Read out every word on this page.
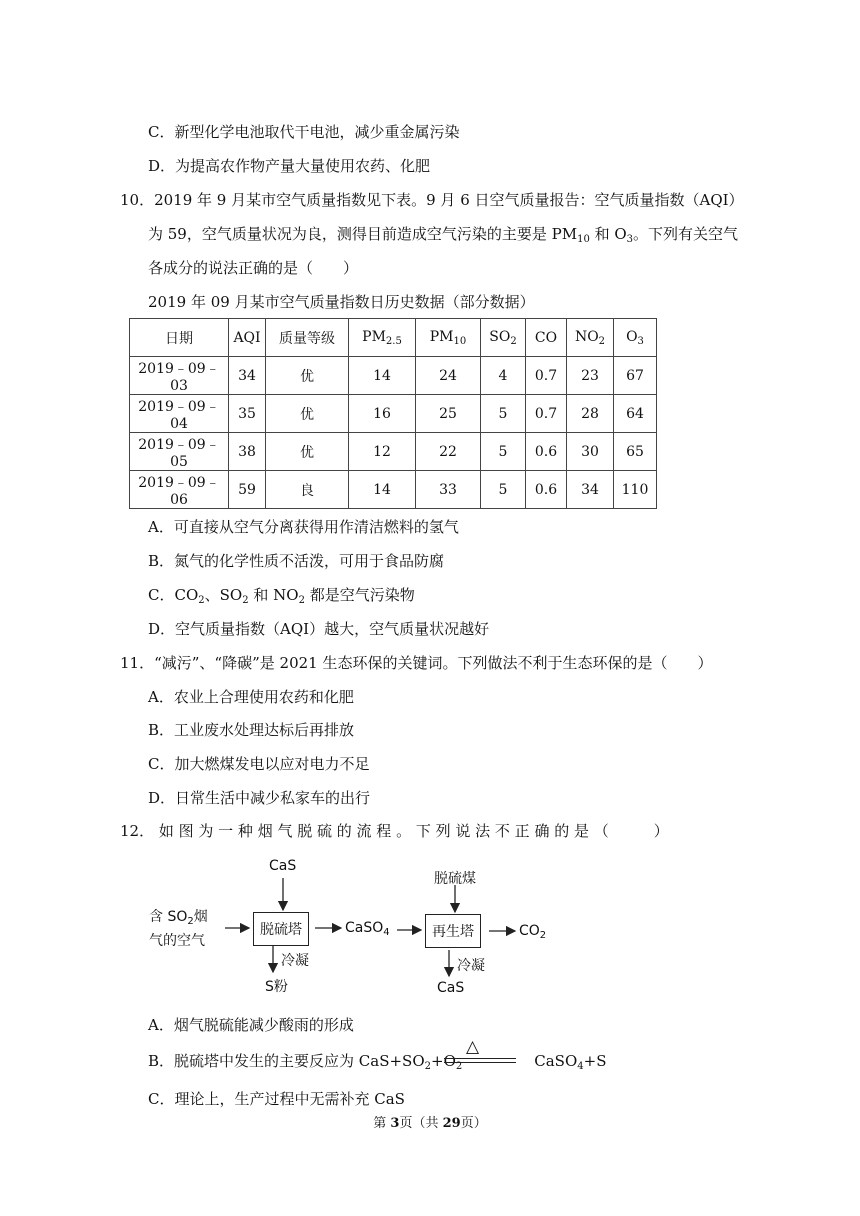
C．新型化学电池取代干电池，减少重金属污染
D．为提高农作物产量大量使用农药、化肥
10．2019 年 9 月某市空气质量指数见下表。9 月 6 日空气质量报告：空气质量指数（AQI）
为 59，空气质量状况为良，测得目前造成空气污染的主要是 $PM_{10}$ 和 $O_3$。下列有关空气
各成分的说法正确的是（　　）
2019 年 09 月某市空气质量指数日历史数据（部分数据）
日期	AQI	质量等级	$PM_{2.5}$	$PM_{10}$	$SO_2$	CO	$NO_2$	$O_3$
2019﹣09﹣03	34	优	14	24	4	0.7	23	67
2019﹣09﹣04	35	优	16	25	5	0.7	28	64
2019﹣09﹣05	38	优	12	22	5	0.6	30	65
2019﹣09﹣06	59	良	14	33	5	0.6	34	110
A．可直接从空气分离获得用作清洁燃料的氢气
B．氮气的化学性质不活泼，可用于食品防腐
C．$CO_2$、$SO_2$ 和 $NO_2$ 都是空气污染物
D．空气质量指数（AQI）越大，空气质量状况越好
11．“减污”、“降碳”是 2021 生态环保的关键词。下列做法不利于生态环保的是（　　）
A．农业上合理使用农药和化肥
B．工业废水处理达标后再排放
C．加大燃煤发电以应对电力不足
D．日常生活中减少私家车的出行
12． 如 图 为 一 种 烟 气 脱 硫 的 流 程 。 下 列 说 法 不 正 确 的 是 （　　　）
CaS
含 $SO_2$烟
气的空气
脱硫塔	CaSO$_4$
脱硫煤
再生塔	$CO_2$
冷凝
S粉
冷凝
CaS
A．烟气脱硫能减少酸雨的形成
B．脱硫塔中发生的主要反应为 $CaS+SO_2+O_2$	CaSO$_4$+S
△
C．理论上，生产过程中无需补充 CaS
第 3页（共 29页）
